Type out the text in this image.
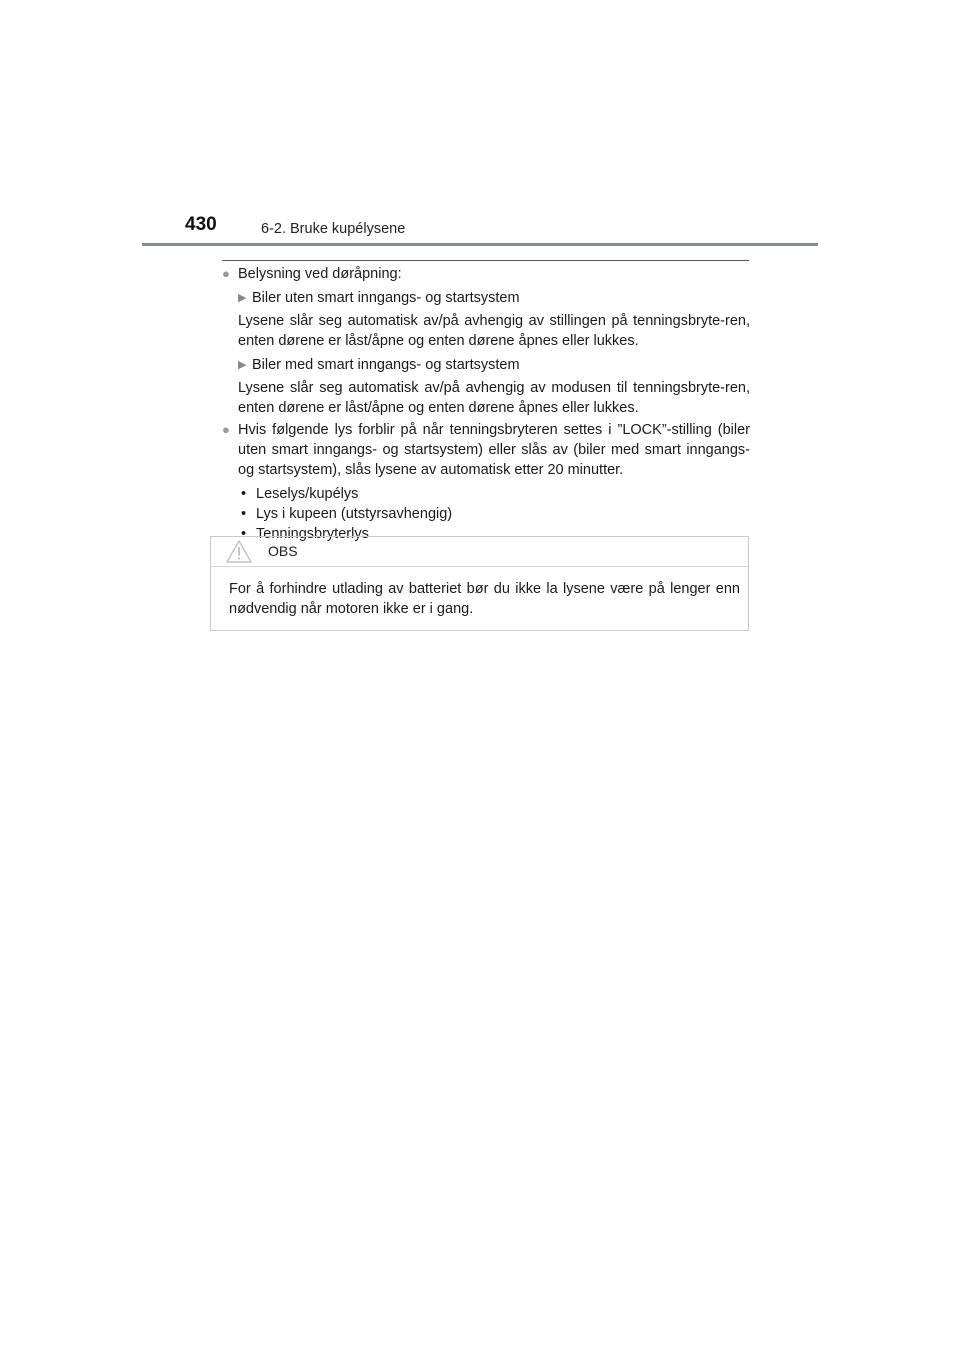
430	6-2. Bruke kupélysene
● Belysning ved døråpning:
▶ Biler uten smart inngangs- og startsystem
Lysene slår seg automatisk av/på avhengig av stillingen på tenningsbryte-ren, enten dørene er låst/åpne og enten dørene åpnes eller lukkes.
▶ Biler med smart inngangs- og startsystem
Lysene slår seg automatisk av/på avhengig av modusen til tenningsbryte-ren, enten dørene er låst/åpne og enten dørene åpnes eller lukkes.
● Hvis følgende lys forblir på når tenningsbryteren settes i ”LOCK”-stilling (biler uten smart inngangs- og startsystem) eller slås av (biler med smart inngangs- og startsystem), slås lysene av automatisk etter 20 minutter.
• Leselys/kupélys
• Lys i kupeen (utstyrsavhengig)
• Tenningsbryterlys
OBS
For å forhindre utlading av batteriet bør du ikke la lysene være på lenger enn nødvendig når motoren ikke er i gang.
